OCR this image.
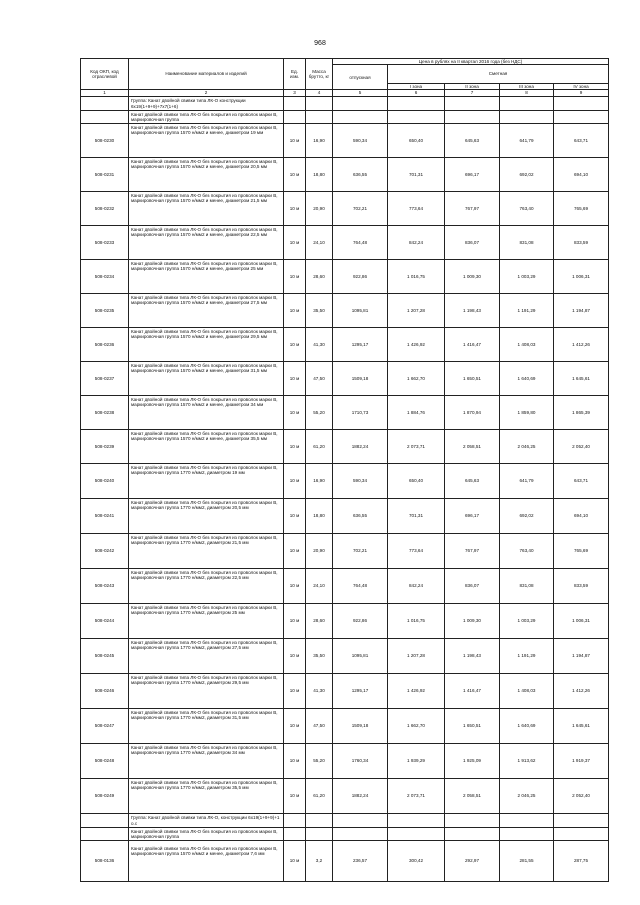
968
Код ОКП, код отраслевой	Наименование материалов и изделий	Ед. изм.	Масса брутто, кг	Цена в рублях на II квартал 2016 года (без НДС)				
				отпускная	Сметная			
					I зона	II зона	III зона	IV зона
1	2	3	4	5	6	7	8	9
	Группа: Канат двойной свивки типа ЛК-О конструкции 6х19(1+9+9)+7х7(1+6)							
	Канат двойной свивки типа ЛК-О без покрытия из проволок марки В, маркировочная группа							
508-0230	Канат двойной свивки типа ЛК-О без покрытия из проволок марки В, маркировочная группа 1570 н/мм2 и менее, диаметром 19 мм	10 м	16,90	590,34	650,40	645,63	641,79	643,71
508-0231	Канат двойной свивки типа ЛК-О без покрытия из проволок марки В, маркировочная группа 1570 н/мм2 и менее, диаметром 20,5 мм	10 м	18,80	636,55	701,31	696,17	692,02	694,10
508-0232	Канат двойной свивки типа ЛК-О без покрытия из проволок марки В, маркировочная группа 1570 н/мм2 и менее, диаметром 21,5 мм	10 м	20,90	702,21	773,64	767,97	763,40	765,69
508-0233	Канат двойной свивки типа ЛК-О без покрытия из проволок марки В, маркировочная группа 1570 н/мм2 и менее, диаметром 22,5 мм	10 м	24,10	764,48	842,24	836,07	831,08	833,59
508-0234	Канат двойной свивки типа ЛК-О без покрытия из проволок марки В, маркировочная группа 1570 н/мм2 и менее, диаметром 25 мм	10 м	28,60	922,86	1 016,75	1 009,30	1 003,29	1 006,31
508-0235	Канат двойной свивки типа ЛК-О без покрытия из проволок марки В, маркировочная группа 1570 н/мм2 и менее, диаметром 27,5 мм	10 м	35,50	1095,81	1 207,28	1 198,43	1 191,29	1 194,87
508-0236	Канат двойной свивки типа ЛК-О без покрытия из проволок марки В, маркировочная группа 1570 н/мм2 и менее, диаметром 29,5 мм	10 м	41,30	1295,17	1 426,92	1 416,47	1 408,03	1 412,26
508-0237	Канат двойной свивки типа ЛК-О без покрытия из проволок марки В, маркировочная группа 1570 н/мм2 и менее, диаметром 31,5 мм	10 м	47,50	1509,18	1 662,70	1 650,51	1 640,69	1 645,61
508-0238	Канат двойной свивки типа ЛК-О без покрытия из проволок марки В, маркировочная группа 1570 н/мм2 и менее, диаметром 34 мм	10 м	55,20	1710,73	1 884,76	1 870,94	1 859,80	1 865,39
508-0239	Канат двойной свивки типа ЛК-О без покрытия из проволок марки В, маркировочная группа 1570 н/мм2 и менее, диаметром 35,5 мм	10 м	61,20	1882,24	2 073,71	2 058,51	2 046,25	2 052,40
508-0240	Канат двойной свивки типа ЛК-О без покрытия из проволок марки В, маркировочная группа 1770 н/мм2, диаметром 19 мм	10 м	16,90	590,34	650,40	645,63	641,79	643,71
508-0241	Канат двойной свивки типа ЛК-О без покрытия из проволок марки В, маркировочная группа 1770 н/мм2, диаметром 20,5 мм	10 м	18,80	636,55	701,31	696,17	692,02	694,10
508-0242	Канат двойной свивки типа ЛК-О без покрытия из проволок марки В, маркировочная группа 1770 н/мм2, диаметром 21,5 мм	10 м	20,90	702,21	773,64	767,97	763,40	765,69
508-0243	Канат двойной свивки типа ЛК-О без покрытия из проволок марки В, маркировочная группа 1770 н/мм2, диаметром 22,5 мм	10 м	24,10	764,48	842,24	836,07	831,08	833,59
508-0244	Канат двойной свивки типа ЛК-О без покрытия из проволок марки В, маркировочная группа 1770 н/мм2, диаметром 25 мм	10 м	28,60	922,86	1 016,75	1 009,30	1 003,29	1 006,31
508-0245	Канат двойной свивки типа ЛК-О без покрытия из проволок марки В, маркировочная группа 1770 н/мм2, диаметром 27,5 мм	10 м	35,50	1095,81	1 207,28	1 198,43	1 191,29	1 194,87
508-0246	Канат двойной свивки типа ЛК-О без покрытия из проволок марки В, маркировочная группа 1770 н/мм2, диаметром 29,5 мм	10 м	41,30	1295,17	1 426,92	1 416,47	1 408,03	1 412,26
508-0247	Канат двойной свивки типа ЛК-О без покрытия из проволок марки В, маркировочная группа 1770 н/мм2, диаметром 31,5 мм	10 м	47,50	1509,18	1 662,70	1 650,51	1 640,69	1 645,61
508-0248	Канат двойной свивки типа ЛК-О без покрытия из проволок марки В, маркировочная группа 1770 н/мм2, диаметром 34 мм	10 м	55,20	1760,34	1 939,29	1 925,09	1 913,62	1 919,37
508-0249	Канат двойной свивки типа ЛК-О без покрытия из проволок марки В, маркировочная группа 1770 н/мм2, диаметром 35,5 мм	10 м	61,20	1882,24	2 073,71	2 058,51	2 046,25	2 052,40
	Группа: Канат двойной свивки типа ЛК-О, конструкции 6х19(1+9+9)+1 о.с							
	Канат двойной свивки типа ЛК-О без покрытия из проволок марки В, маркировочная группа							
508-0136	Канат двойной свивки типа ЛК-О без покрытия из проволок марки В, маркировочная группа 1570 н/мм2 и менее, диаметром 7,6 мм	10 м	3,2	236,57	300,42	292,97	281,55	287,75
